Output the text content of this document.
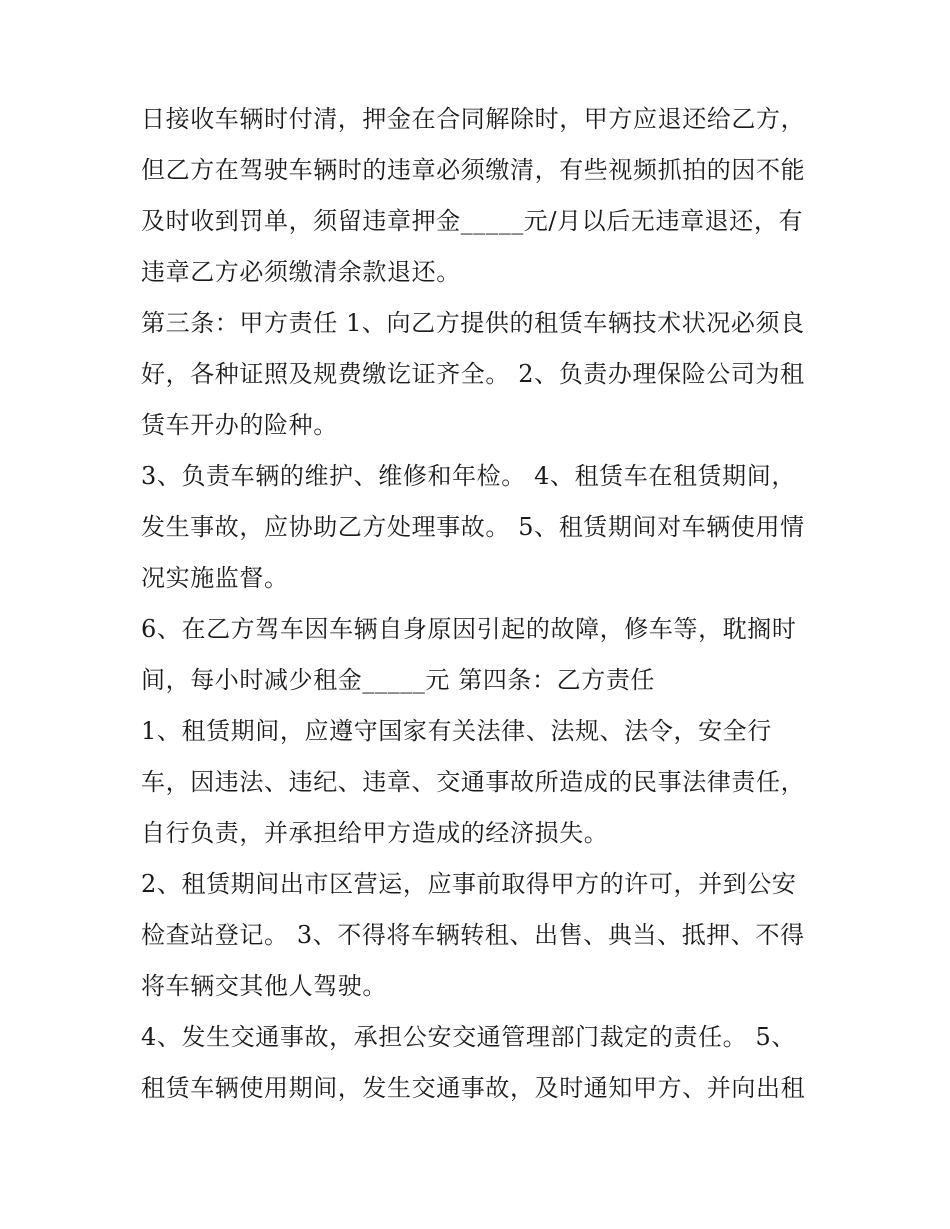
日接收车辆时付清，押金在合同解除时，甲方应退还给乙方，
但乙方在驾驶车辆时的违章必须缴清，有些视频抓拍的因不能
及时收到罚单，须留违章押金_____元/月以后无违章退还，有
违章乙方必须缴清余款退还。
第三条：甲方责任 1、向乙方提供的租赁车辆技术状况必须良
好，各种证照及规费缴讫证齐全。 2、负责办理保险公司为租
赁车开办的险种。
3、负责车辆的维护、维修和年检。 4、租赁车在租赁期间，
发生事故，应协助乙方处理事故。 5、租赁期间对车辆使用情
况实施监督。
6、在乙方驾车因车辆自身原因引起的故障，修车等，耽搁时
间，每小时减少租金_____元 第四条：乙方责任
1、租赁期间，应遵守国家有关法律、法规、法令，安全行
车，因违法、违纪、违章、交通事故所造成的民事法律责任，
自行负责，并承担给甲方造成的经济损失。
2、租赁期间出市区营运，应事前取得甲方的许可，并到公安
检查站登记。 3、不得将车辆转租、出售、典当、抵押、不得
将车辆交其他人驾驶。
4、发生交通事故，承担公安交通管理部门裁定的责任。 5、
租赁车辆使用期间，发生交通事故，及时通知甲方、并向出租
